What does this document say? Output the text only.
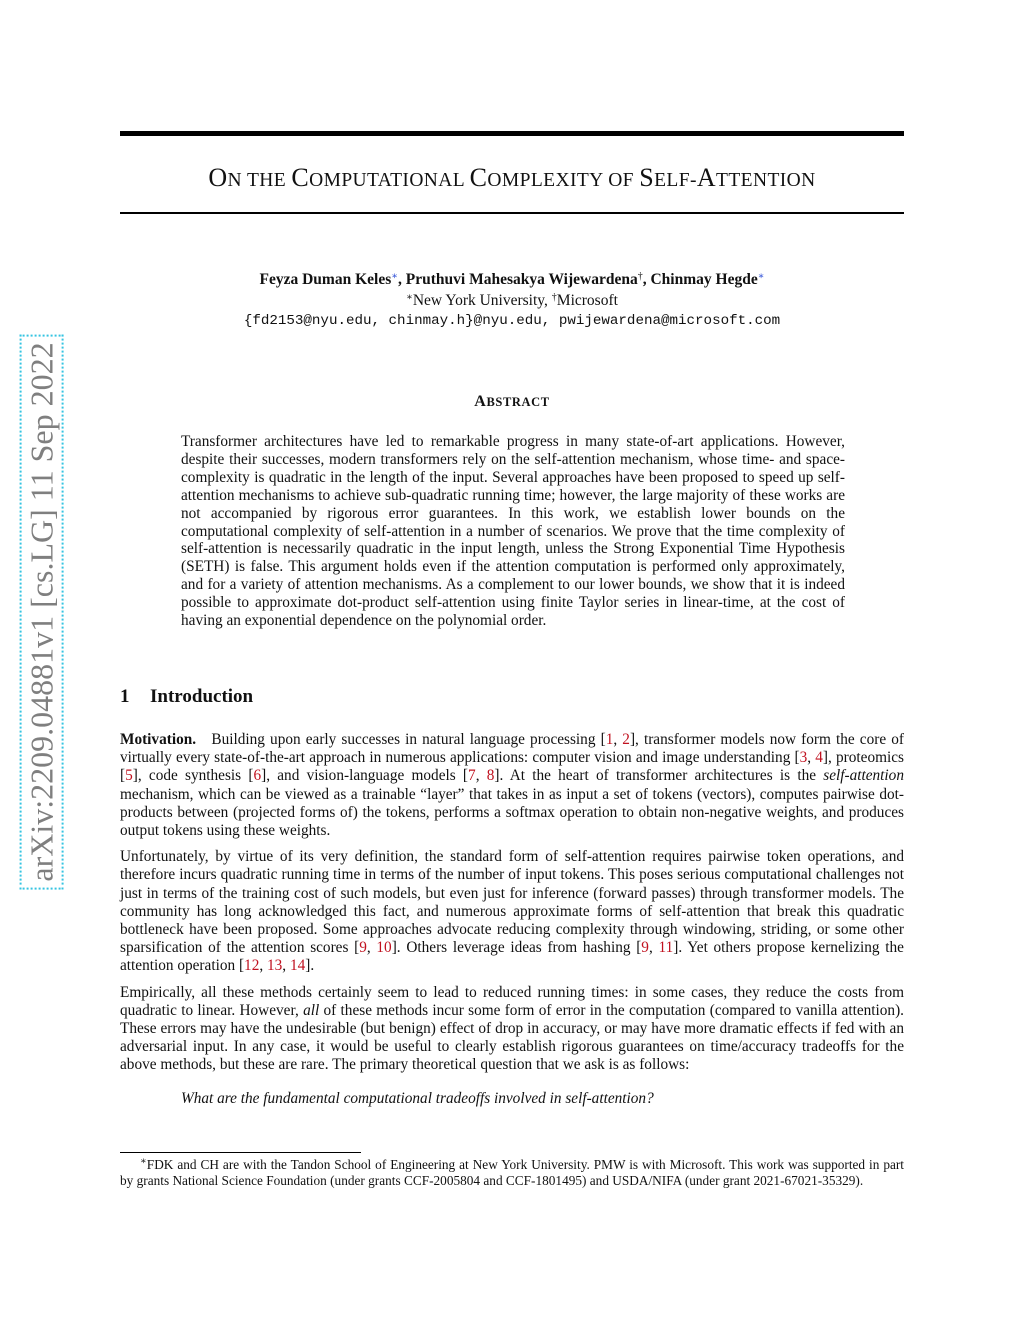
arXiv:2209.04881v1 [cs.LG] 11 Sep 2022
ON THE COMPUTATIONAL COMPLEXITY OF SELF-ATTENTION
Feyza Duman Keles∗, Pruthuvi Mahesakya Wijewardena†, Chinmay Hegde∗
∗New York University, †Microsoft
{fd2153@nyu.edu, chinmay.h}@nyu.edu, pwijewardena@microsoft.com
ABSTRACT
Transformer architectures have led to remarkable progress in many state-of-art applications. However, despite their successes, modern transformers rely on the self-attention mechanism, whose time- and space-complexity is quadratic in the length of the input. Several approaches have been proposed to speed up self-attention mechanisms to achieve sub-quadratic running time; however, the large majority of these works are not accompanied by rigorous error guarantees. In this work, we establish lower bounds on the computational complexity of self-attention in a number of scenarios. We prove that the time complexity of self-attention is necessarily quadratic in the input length, unless the Strong Exponential Time Hypothesis (SETH) is false. This argument holds even if the attention computation is performed only approximately, and for a variety of attention mechanisms. As a complement to our lower bounds, we show that it is indeed possible to approximate dot-product self-attention using finite Taylor series in linear-time, at the cost of having an exponential dependence on the polynomial order.
1 Introduction

Motivation. Building upon early successes in natural language processing [1, 2], transformer models now form the core of virtually every state-of-the-art approach in numerous applications: computer vision and image understanding [3, 4], proteomics [5], code synthesis [6], and vision-language models [7, 8]. At the heart of transformer architectures is the self-attention mechanism, which can be viewed as a trainable “layer” that takes in as input a set of tokens (vectors), computes pairwise dot-products between (projected forms of) the tokens, performs a softmax operation to obtain non-negative weights, and produces output tokens using these weights.

Unfortunately, by virtue of its very definition, the standard form of self-attention requires pairwise token operations, and therefore incurs quadratic running time in terms of the number of input tokens. This poses serious computational challenges not just in terms of the training cost of such models, but even just for inference (forward passes) through transformer models. The community has long acknowledged this fact, and numerous approximate forms of self-attention that break this quadratic bottleneck have been proposed. Some approaches advocate reducing complexity through windowing, striding, or some other sparsification of the attention scores [9, 10]. Others leverage ideas from hashing [9, 11]. Yet others propose kernelizing the attention operation [12, 13, 14].

Empirically, all these methods certainly seem to lead to reduced running times: in some cases, they reduce the costs from quadratic to linear. However, all of these methods incur some form of error in the computation (compared to vanilla attention). These errors may have the undesirable (but benign) effect of drop in accuracy, or may have more dramatic effects if fed with an adversarial input. In any case, it would be useful to clearly establish rigorous guarantees on time/accuracy tradeoffs for the above methods, but these are rare. The primary theoretical question that we ask is as follows:

What are the fundamental computational tradeoffs involved in self-attention?

∗FDK and CH are with the Tandon School of Engineering at New York University. PMW is with Microsoft. This work was supported in part by grants National Science Foundation (under grants CCF-2005804 and CCF-1801495) and USDA/NIFA (under grant 2021-67021-35329).
